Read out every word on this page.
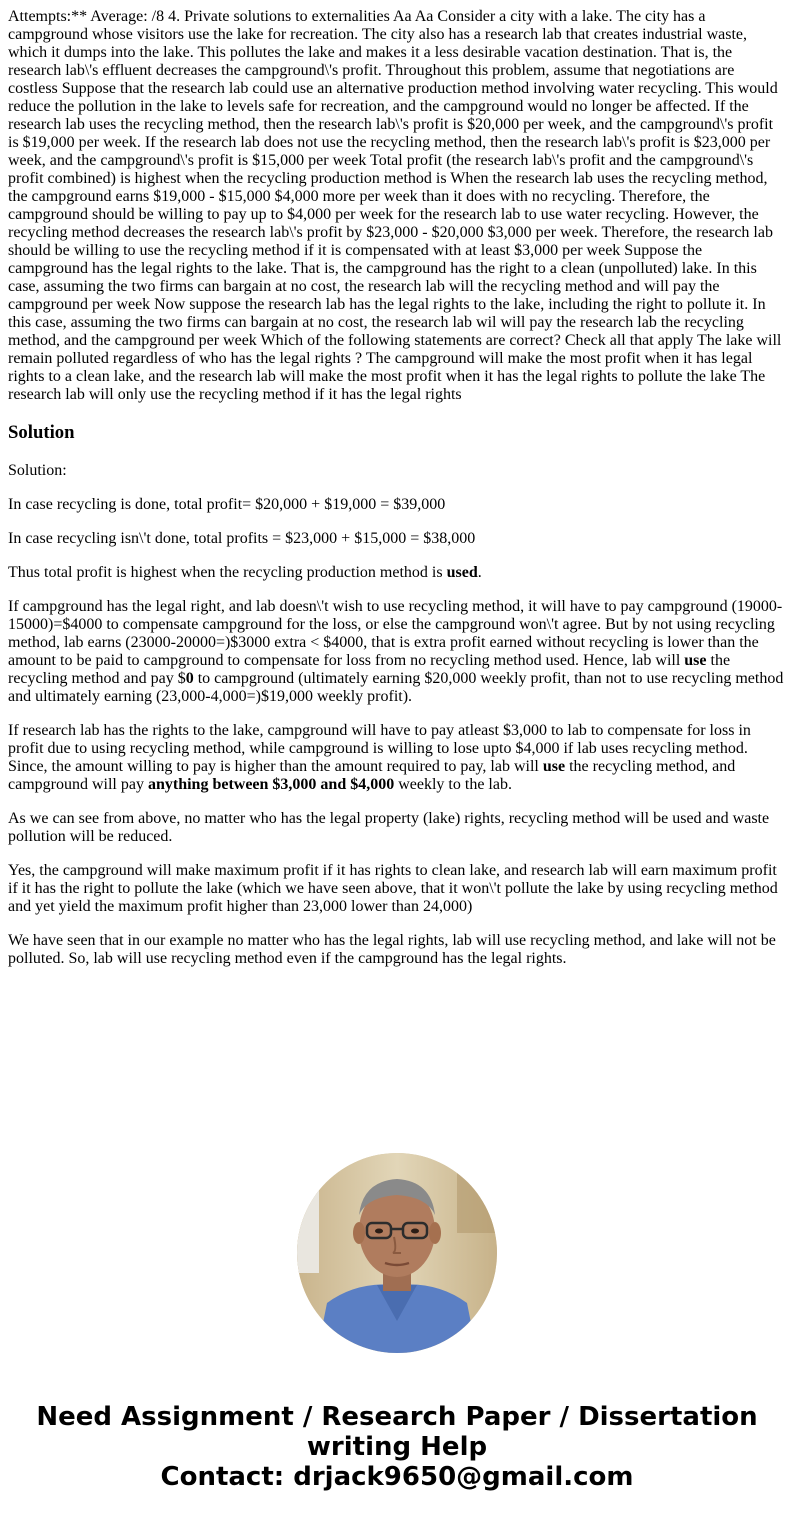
Attempts:** Average: /8 4. Private solutions to externalities Aa Aa Consider a city with a lake. The city has a campground whose visitors use the lake for recreation. The city also has a research lab that creates industrial waste, which it dumps into the lake. This pollutes the lake and makes it a less desirable vacation destination. That is, the research lab\'s effluent decreases the campground\'s profit. Throughout this problem, assume that negotiations are costless Suppose that the research lab could use an alternative production method involving water recycling. This would reduce the pollution in the lake to levels safe for recreation, and the campground would no longer be affected. If the research lab uses the recycling method, then the research lab\'s profit is $20,000 per week, and the campground\'s profit is $19,000 per week. If the research lab does not use the recycling method, then the research lab\'s profit is $23,000 per week, and the campground\'s profit is $15,000 per week Total profit (the research lab\'s profit and the campground\'s profit combined) is highest when the recycling production method is When the research lab uses the recycling method, the campground earns $19,000 - $15,000 $4,000 more per week than it does with no recycling. Therefore, the campground should be willing to pay up to $4,000 per week for the research lab to use water recycling. However, the recycling method decreases the research lab\'s profit by $23,000 - $20,000 $3,000 per week. Therefore, the research lab should be willing to use the recycling method if it is compensated with at least $3,000 per week Suppose the campground has the legal rights to the lake. That is, the campground has the right to a clean (unpolluted) lake. In this case, assuming the two firms can bargain at no cost, the research lab will the recycling method and will pay the campground per week Now suppose the research lab has the legal rights to the lake, including the right to pollute it. In this case, assuming the two firms can bargain at no cost, the research lab wil will pay the research lab the recycling method, and the campground per week Which of the following statements are correct? Check all that apply The lake will remain polluted regardless of who has the legal rights ? The campground will make the most profit when it has legal rights to a clean lake, and the research lab will make the most profit when it has the legal rights to pollute the lake The research lab will only use the recycling method if it has the legal rights

Solution

Solution:

In case recycling is done, total profit= $20,000 + $19,000 = $39,000

In case recycling isn\'t done, total profits = $23,000 + $15,000 = $38,000

Thus total profit is highest when the recycling production method is used.

If campground has the legal right, and lab doesn\'t wish to use recycling method, it will have to pay campground (19000-15000)=$4000 to compensate campground for the loss, or else the campground won\'t agree. But by not using recycling method, lab earns (23000-20000=)$3000 extra < $4000, that is extra profit earned without recycling is lower than the amount to be paid to campground to compensate for loss from no recycling method used. Hence, lab will use the recycling method and pay $0 to campground (ultimately earning $20,000 weekly profit, than not to use recycling method and ultimately earning (23,000-4,000=)$19,000 weekly profit).

If research lab has the rights to the lake, campground will have to pay atleast $3,000 to lab to compensate for loss in profit due to using recycling method, while campground is willing to lose upto $4,000 if lab uses recycling method. Since, the amount willing to pay is higher than the amount required to pay, lab will use the recycling method, and campground will pay anything between $3,000 and $4,000 weekly to the lab.

As we can see from above, no matter who has the legal property (lake) rights, recycling method will be used and waste pollution will be reduced.

Yes, the campground will make maximum profit if it has rights to clean lake, and research lab will earn maximum profit if it has the right to pollute the lake (which we have seen above, that it won\'t pollute the lake by using recycling method and yet yield the maximum profit higher than 23,000 lower than 24,000)

We have seen that in our example no matter who has the legal rights, lab will use recycling method, and lake will not be polluted. So, lab will use recycling method even if the campground has the legal rights.

Need Assignment / Research Paper / Dissertation
writing Help
Contact: drjack9650@gmail.com
